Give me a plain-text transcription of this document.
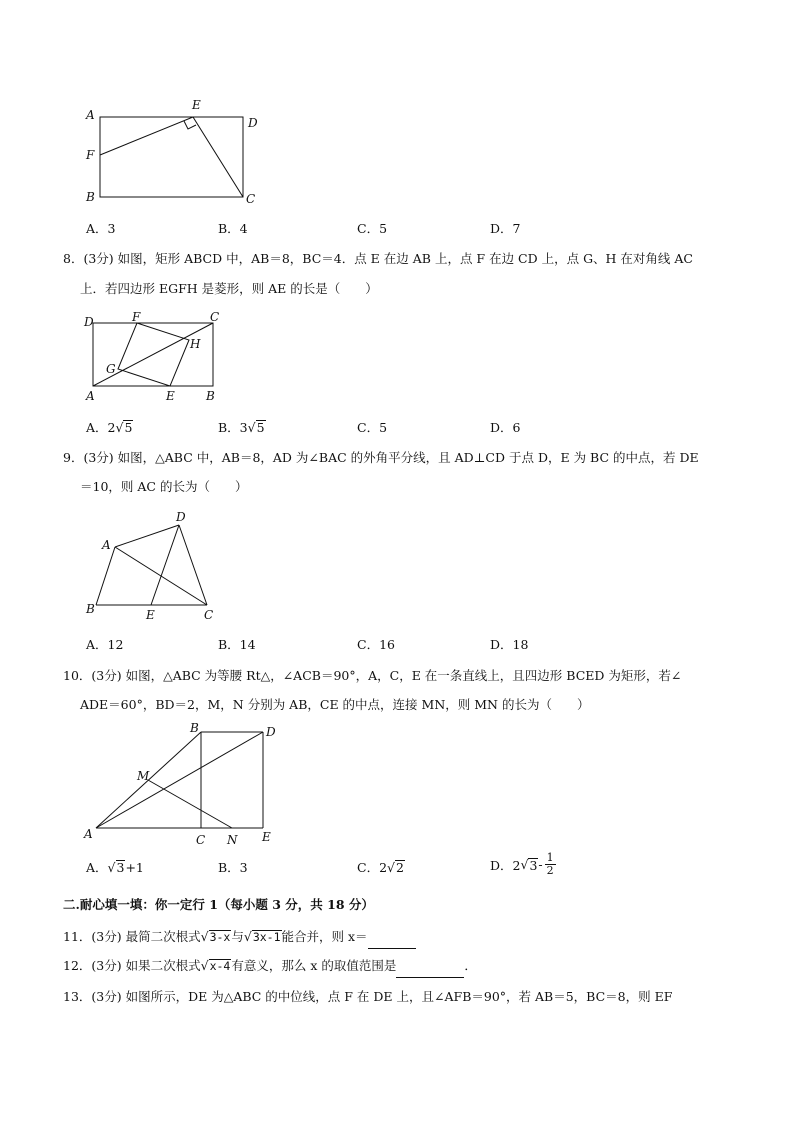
A
B	C
D
E
F
A．3	B．4	C．5	D．7
8．(3分) 如图，矩形 ABCD 中，AB＝8，BC＝4．点 E 在边 AB 上，点 F 在边 CD 上，点 G、H 在对角线 AC
上．若四边形 EGFH 是菱形，则 AE 的长是（　　）
D	F	C
H
G
A	E	B
A．2√5	B．3√5	C．5	D．6
9．(3分) 如图，△ABC 中，AB＝8，AD 为∠BAC 的外角平分线，且 AD⊥CD 于点 D，E 为 BC 的中点，若 DE
＝10，则 AC 的长为（　　）
A
B	C
D
E
A．12	B．14	C．16	D．18
10．(3分) 如图，△ABC 为等腰 Rt△，∠ACB＝90°，A，C，E 在一条直线上，且四边形 BCED 为矩形，若∠
ADE＝60°，BD＝2，M，N 分别为 AB，CE 的中点，连接 MN，则 MN 的长为（　　）
B	D
M
A	C N E
A．√3+1	B．3	C．2√2	D．2 √ $3 - \frac{1}{2}$
二.耐心填一填：你一定行 1（每小题 3 分，共 18 分）
11．(3分) 最简二次根式√3-x与√3x-1能合并，则 x＝
12．(3分) 如果二次根式√x-4有意义，那么 x 的取值范围是	．
13．(3分) 如图所示，DE 为△ABC 的中位线，点 F 在 DE 上，且∠AFB＝90°，若 AB＝5，BC＝8，则 EF
